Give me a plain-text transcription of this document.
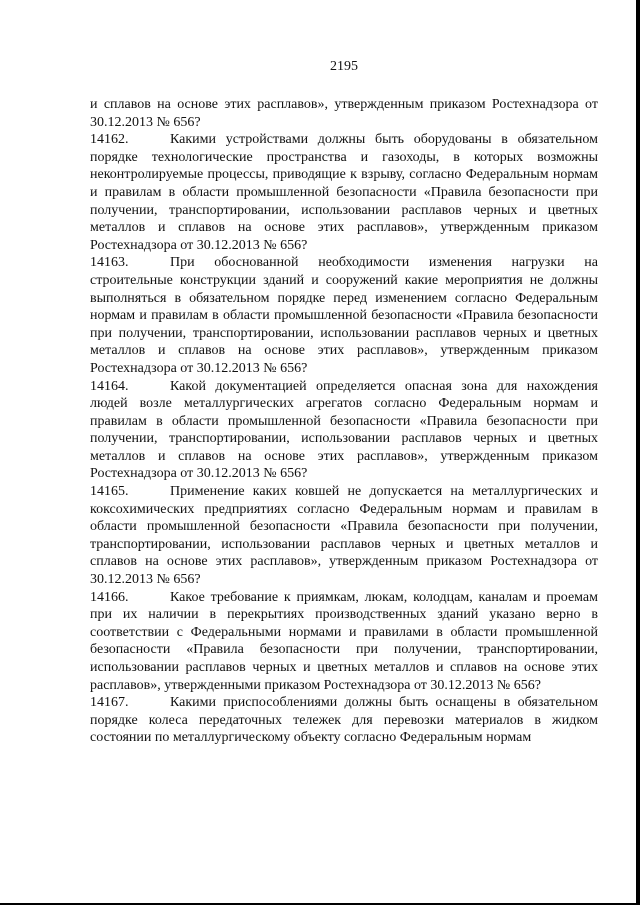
2195

и сплавов на основе этих расплавов», утвержденным приказом Ростехнадзора от 30.12.2013 № 656?

14162.	Какими устройствами должны быть оборудованы в обязательном порядке технологические пространства и газоходы, в которых возможны неконтролируемые процессы, приводящие к взрыву, согласно Федеральным нормам и правилам в области промышленной безопасности «Правила безопасности при получении, транспортировании, использовании расплавов черных и цветных металлов и сплавов на основе этих расплавов», утвержденным приказом Ростехнадзора от 30.12.2013 № 656?

14163.	При обоснованной необходимости изменения нагрузки на строительные конструкции зданий и сооружений какие мероприятия не должны выполняться в обязательном порядке перед изменением согласно Федеральным нормам и правилам в области промышленной безопасности «Правила безопасности при получении, транспортировании, использовании расплавов черных и цветных металлов и сплавов на основе этих расплавов», утвержденным приказом Ростехнадзора от 30.12.2013 № 656?

14164.	Какой документацией определяется опасная зона для нахождения людей возле металлургических агрегатов согласно Федеральным нормам и правилам в области промышленной безопасности «Правила безопасности при получении, транспортировании, использовании расплавов черных и цветных металлов и сплавов на основе этих расплавов», утвержденным приказом Ростехнадзора от 30.12.2013 № 656?

14165.	Применение каких ковшей не допускается на металлургических и коксохимических предприятиях согласно Федеральным нормам и правилам в области промышленной безопасности «Правила безопасности при получении, транспортировании, использовании расплавов черных и цветных металлов и сплавов на основе этих расплавов», утвержденным приказом Ростехнадзора от 30.12.2013 № 656?

14166.	Какое требование к приямкам, люкам, колодцам, каналам и проемам при их наличии в перекрытиях производственных зданий указано верно в соответствии с Федеральными нормами и правилами в области промышленной безопасности «Правила безопасности при получении, транспортировании, использовании расплавов черных и цветных металлов и сплавов на основе этих расплавов», утвержденными приказом Ростехнадзора от 30.12.2013 № 656?

14167.	Какими приспособлениями должны быть оснащены в обязательном порядке колеса передаточных тележек для перевозки материалов в жидком состоянии по металлургическому объекту согласно Федеральным нормам
